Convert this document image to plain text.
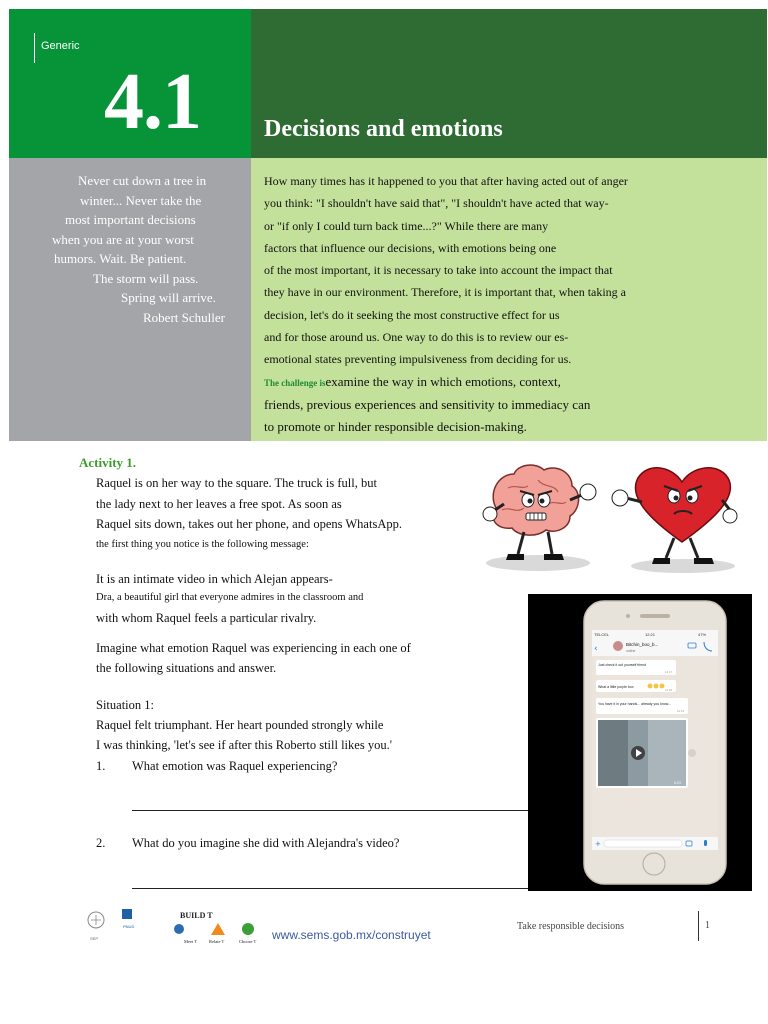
Generic
4.1	Decisions and emotions
Never cut down a tree in
winter... Never take the
most important decisions
when you are at your worst
humors. Wait. Be patient.
The storm will pass.
Spring will arrive.
Robert Schuller
How many times has it happened to you that after having acted out of anger
you think: "I shouldn't have said that", "I shouldn't have acted that way-
or "if only I could turn back time...?" While there are many
factors that influence our decisions, with emotions being one
of the most important, it is necessary to take into account the impact that
they have in our environment. Therefore, it is important that, when taking a
decision, let's do it seeking the most constructive effect for us
and for those around us. One way to do this is to review our es-
emotional states preventing impulsiveness from deciding for us.
The challenge isexamine the way in which emotions, context,
friends, previous experiences and sensitivity to immediacy can
to promote or hinder responsible decision-making.
Activity 1.
Raquel is on her way to the square. The truck is full, but
the lady next to her leaves a free spot. As soon as
Raquel sits down, takes out her phone, and opens WhatsApp.
the first thing you notice is the following message:
It is an intimate video in which Alejan appears-
Dra, a beautiful girl that everyone admires in the classroom and
with whom Raquel feels a particular rivalry.
Imagine what emotion Raquel was experiencing in each one of
the following situations and answer.
Situation 1:
Raquel felt triumphant. Her heart pounded strongly while
I was thinking, 'let's see if after this Roberto still likes you.'
1. What emotion was Raquel experiencing?
2. What do you imagine she did with Alejandra's video?
TELCEL	12:21	47%
‹	Bitchin_boo_b...
online
Just check it out yourself friend
12:17
What a little purple box
12:18
You have it in your hands... already you know...
12:19
0:23
+
SEP
PNUD
BUILD T
Meet T	Relate T	Choose T www.sems.gob.mx/construyet
Take responsible decisions	1
